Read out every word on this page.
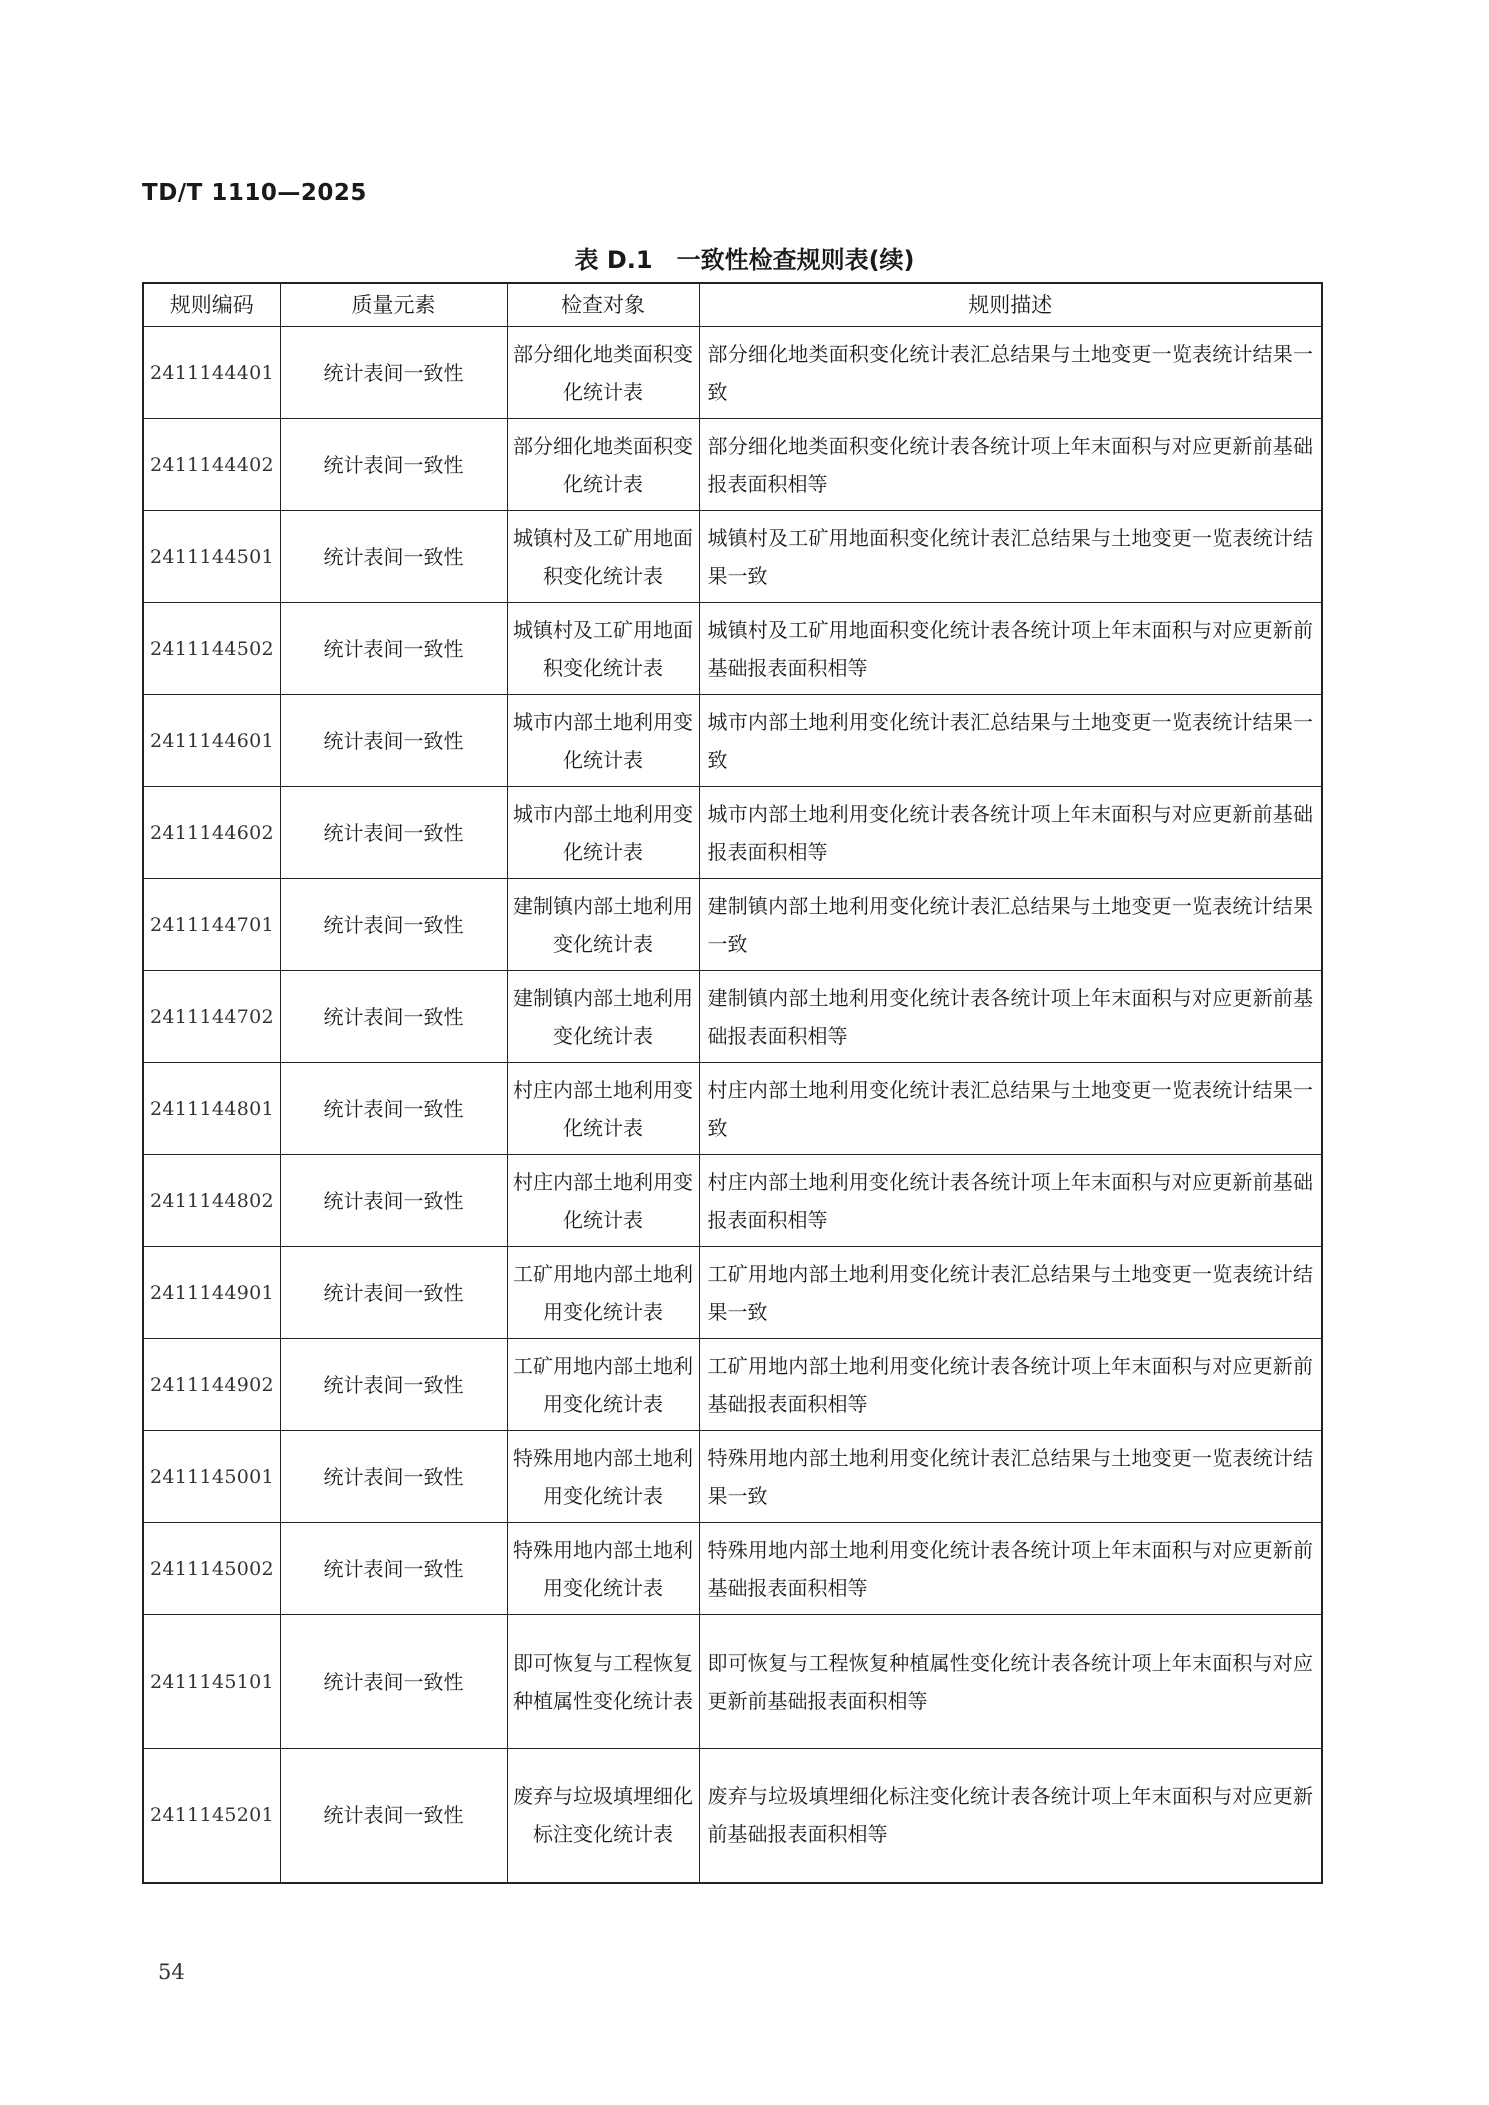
TD/T 1110—2025
表 D.1　一致性检查规则表(续)
规则编码	质量元素	检查对象	规则描述
2411144401	统计表间一致性	部分细化地类面积变化统计表	部分细化地类面积变化统计表汇总结果与土地变更一览表统计结果一致
2411144402	统计表间一致性	部分细化地类面积变化统计表	部分细化地类面积变化统计表各统计项上年末面积与对应更新前基础报表面积相等
2411144501	统计表间一致性	城镇村及工矿用地面积变化统计表	城镇村及工矿用地面积变化统计表汇总结果与土地变更一览表统计结果一致
2411144502	统计表间一致性	城镇村及工矿用地面积变化统计表	城镇村及工矿用地面积变化统计表各统计项上年末面积与对应更新前基础报表面积相等
2411144601	统计表间一致性	城市内部土地利用变化统计表	城市内部土地利用变化统计表汇总结果与土地变更一览表统计结果一致
2411144602	统计表间一致性	城市内部土地利用变化统计表	城市内部土地利用变化统计表各统计项上年末面积与对应更新前基础报表面积相等
2411144701	统计表间一致性	建制镇内部土地利用变化统计表	建制镇内部土地利用变化统计表汇总结果与土地变更一览表统计结果一致
2411144702	统计表间一致性	建制镇内部土地利用变化统计表	建制镇内部土地利用变化统计表各统计项上年末面积与对应更新前基础报表面积相等
2411144801	统计表间一致性	村庄内部土地利用变化统计表	村庄内部土地利用变化统计表汇总结果与土地变更一览表统计结果一致
2411144802	统计表间一致性	村庄内部土地利用变化统计表	村庄内部土地利用变化统计表各统计项上年末面积与对应更新前基础报表面积相等
2411144901	统计表间一致性	工矿用地内部土地利用变化统计表	工矿用地内部土地利用变化统计表汇总结果与土地变更一览表统计结果一致
2411144902	统计表间一致性	工矿用地内部土地利用变化统计表	工矿用地内部土地利用变化统计表各统计项上年末面积与对应更新前基础报表面积相等
2411145001	统计表间一致性	特殊用地内部土地利用变化统计表	特殊用地内部土地利用变化统计表汇总结果与土地变更一览表统计结果一致
2411145002	统计表间一致性	特殊用地内部土地利用变化统计表	特殊用地内部土地利用变化统计表各统计项上年末面积与对应更新前基础报表面积相等
2411145101	统计表间一致性	即可恢复与工程恢复种植属性变化统计表	即可恢复与工程恢复种植属性变化统计表各统计项上年末面积与对应更新前基础报表面积相等
2411145201	统计表间一致性	废弃与垃圾填埋细化标注变化统计表	废弃与垃圾填埋细化标注变化统计表各统计项上年末面积与对应更新前基础报表面积相等
54
